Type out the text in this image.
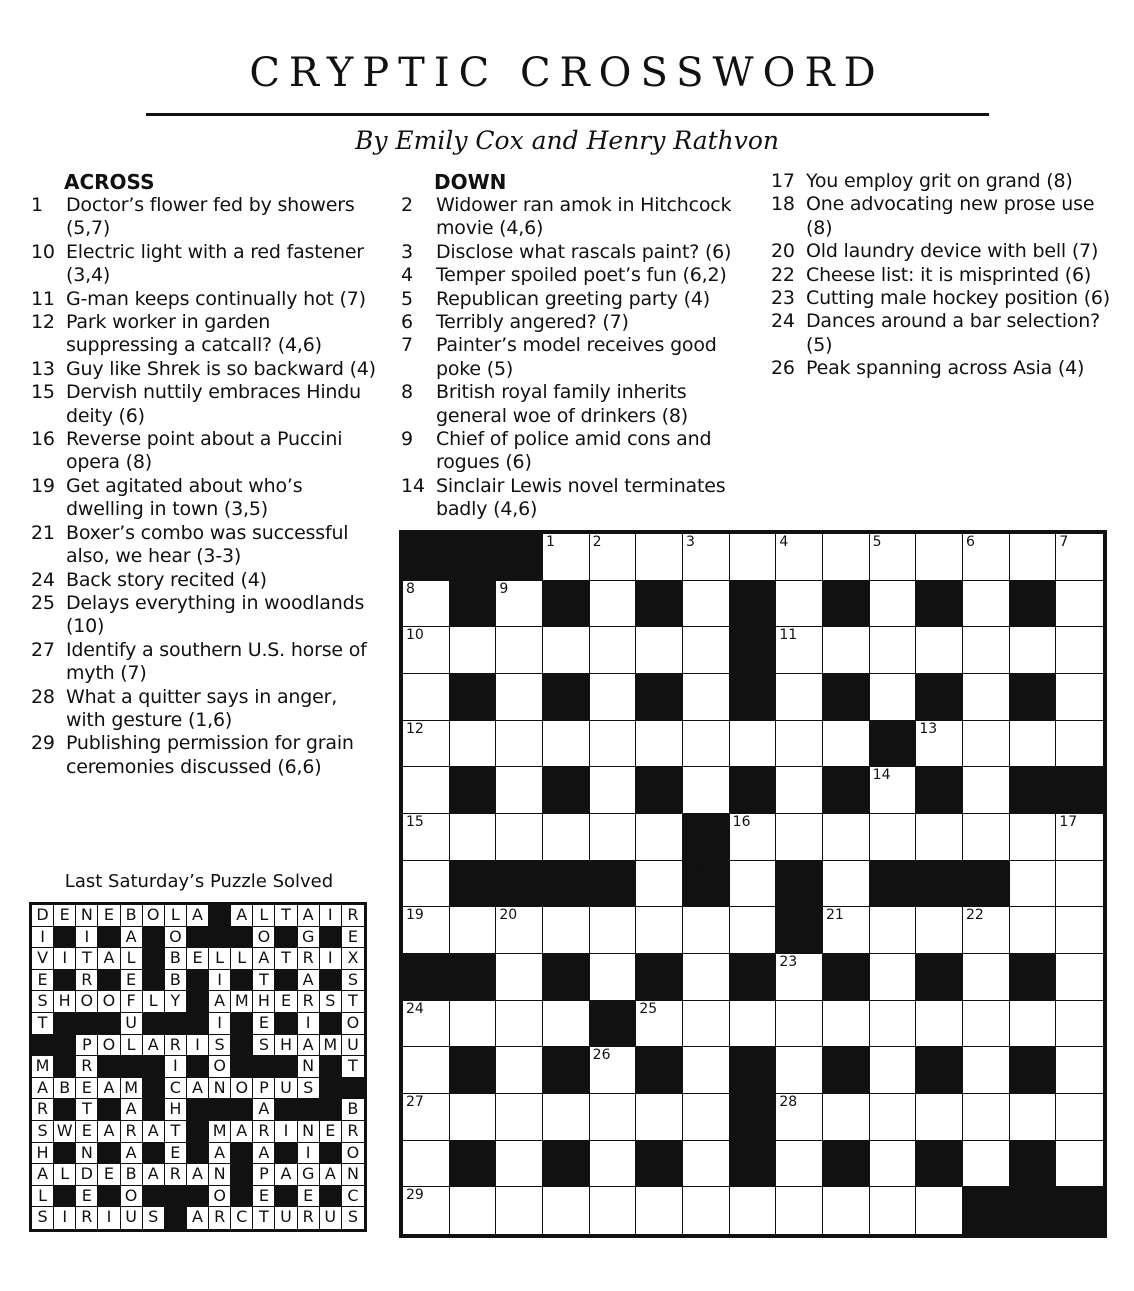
CRYPTIC CROSSWORD
By Emily Cox and Henry Rathvon
ACROSS
1	Doctor’s flower fed by showers (5,7)
10 Electric light with a red fastener (3,4)
11 G-man keeps continually hot (7)
12 Park worker in garden suppressing a catcall? (4,6)
13 Guy like Shrek is so backward (4)
15 Dervish nuttily embraces Hindu deity (6)
16 Reverse point about a Puccini opera (8)
19 Get agitated about who’s dwelling in town (3,5)
21 Boxer’s combo was successful also, we hear (3-3)
24 Back story recited (4)
25 Delays everything in woodlands (10)
27 Identify a southern U.S. horse of myth (7)
28 What a quitter says in anger, with gesture (1,6)
29 Publishing permission for grain ceremonies discussed (6,6)
DOWN
2	Widower ran amok in Hitchcock movie (4,6)
3	Disclose what rascals paint? (6)
4	Temper spoiled poet’s fun (6,2)
5	Republican greeting party (4)
6	Terribly angered? (7)
7	Painter’s model receives good poke (5)
8	British royal family inherits general woe of drinkers (8)
9	Chief of police amid cons and rogues (6)
14 Sinclair Lewis novel terminates badly (4,6)
17 You employ grit on grand (8)
18 One advocating new prose use (8)
20 Old laundry device with bell (7)
22 Cheese list: it is misprinted (6)
23 Cutting male hockey position (6)
24 Dances around a bar selection? (5)
26 Peak spanning across Asia (4)
Last Saturday’s Puzzle Solved
D E N E B O L A	A L T A I R
I	I	A	O	O	G	E
V I T A L	B E L L A T R I X
E	R	E	B	I	T	A	S
S H O O F L Y	A M H E R S T
T	U	I	E	I	O
P O L A R I S	S H A M U
M	R	I	O	N	T
A B E A M	C A N O P U S
R	T	A	H	A	B
S W E A R A T	M A R I N E R
H	N	A	E	A	A	I	O
A L D E B A R A N	P A G A N
L	E	O	O	E	E	C
S I R I U S	A R C T U R U S
1	2	3	4	5	6	7
8	9
10	11
12	13
14
15	16	17
18
19	20	21	22
23
24	25
26
27	28
29
